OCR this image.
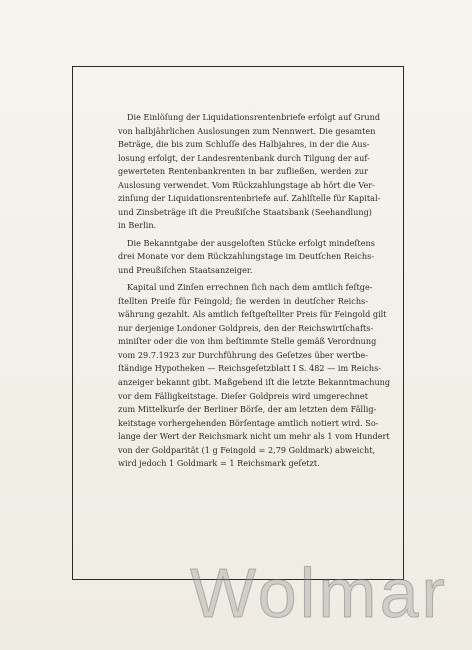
Die Einlöſung der Liquidationsrentenbriefe erfolgt auf Grund
von halbjährlichen Auslosungen zum Nennwert. Die gesamten
Beträge, die bis zum Schluſſe des Halbjahres, in der die Aus-
losung erfolgt, der Landesrentenbank durch Tilgung der auf-
gewerteten Rentenbankrenten in bar zufließen, werden zur
Auslosung verwendet. Vom Rückzahlungstage ab hört die Ver-
zinſung der Liquidationsrentenbriefe auf. Zahlſtelle für Kapital-
und Zinsbeträge iſt die Preußiſche Staatsbank (Seehandlung)
in Berlin.

Die Bekanntgabe der ausgeloſten Stücke erfolgt mindeſtens
drei Monate vor dem Rückzahlungstage im Deutſchen Reichs-
und Preußiſchen Staatsanzeiger.

Kapital und Zinſen errechnen ſich nach dem amtlich feſtge-
ſtellten Preiſe für Feingold; ſie werden in deutſcher Reichs-
währung gezahlt. Als amtlich feſtgeſtellter Preis für Feingold gilt
nur derjenige Londoner Goldpreis, den der Reichswirtſchafts-
miniſter oder die von ihm beſtimmte Stelle gemäß Verordnung
vom 29.7.1923 zur Durchführung des Geſetzes über wertbe-
ſtändige Hypotheken — Reichsgeſetzblatt I S. 482 — im Reichs-
anzeiger bekannt gibt. Maßgebend iſt die letzte Bekanntmachung
vor dem Fälligkeitstage. Dieſer Goldpreis wird umgerechnet
zum Mittelkurſe der Berliner Börſe, der am letzten dem Fällig-
keitstage vorhergehenden Börſentage amtlich notiert wird. So-
lange der Wert der Reichsmark nicht um mehr als 1 vom Hundert
von der Goldparität (1 g Feingold = 2,79 Goldmark) abweicht,
wird jedoch 1 Goldmark = 1 Reichsmark geſetzt.

Wolmar
